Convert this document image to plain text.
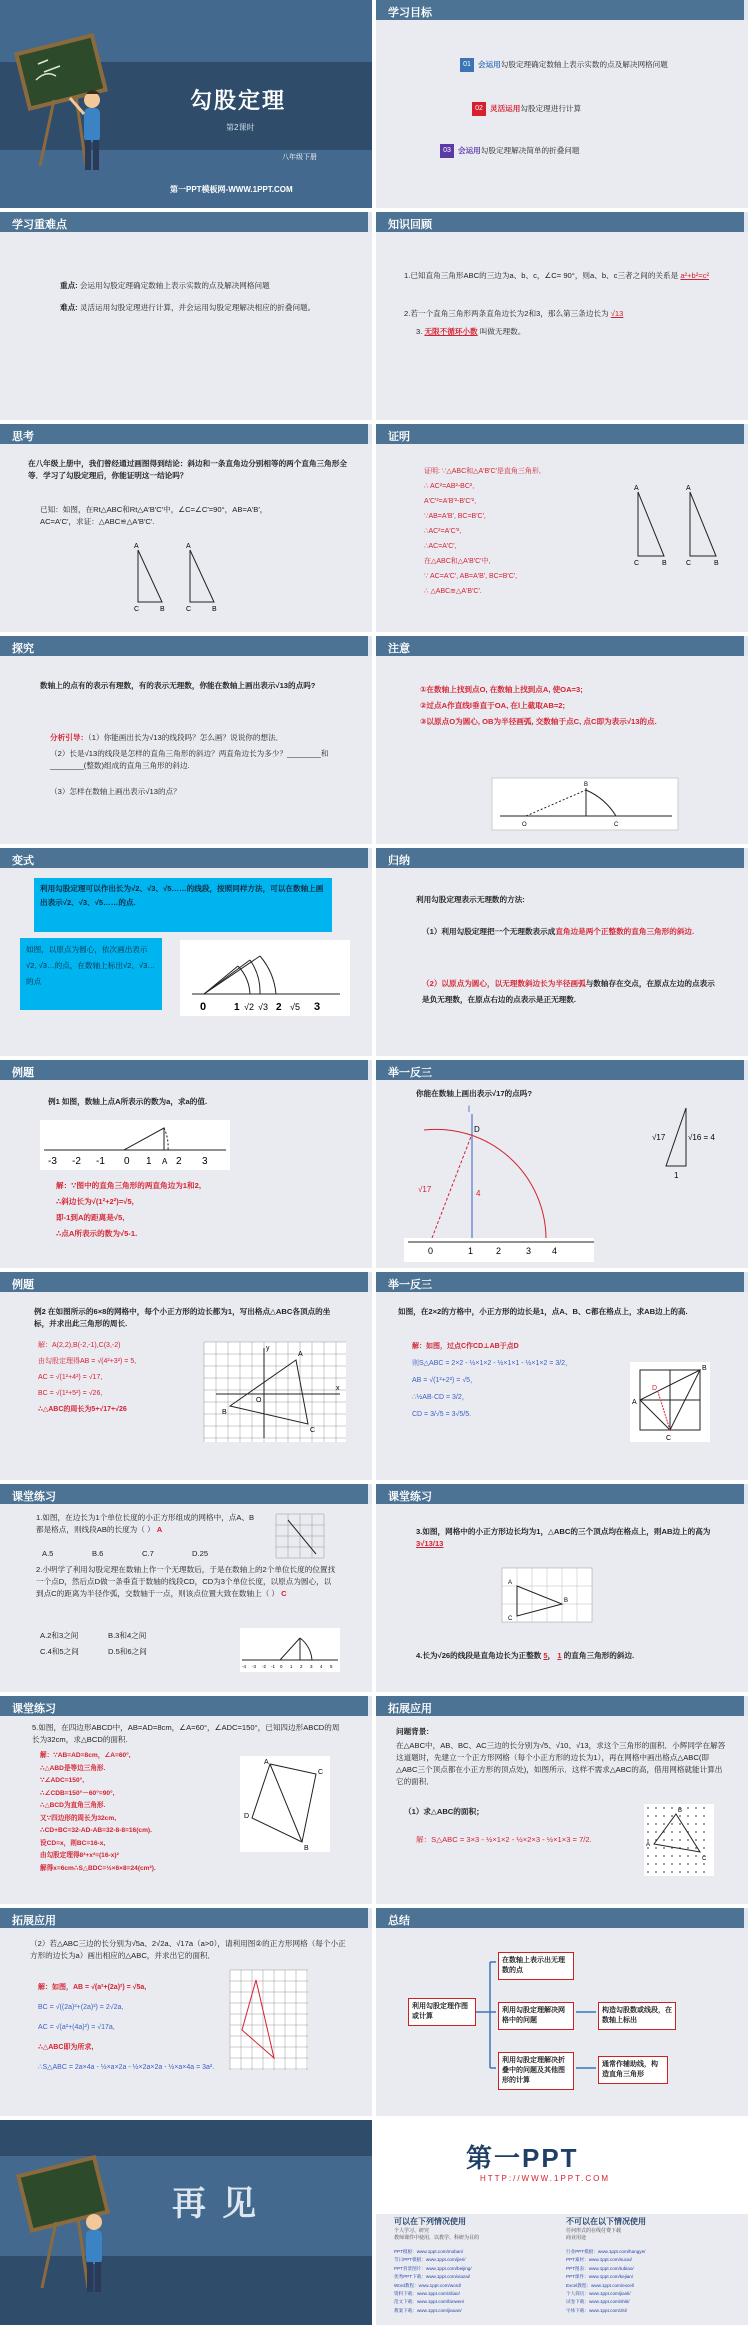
勾股定理
第2课时
八年级下册
第一PPT模板网-WWW.1PPT.COM
学习目标
01 会运用勾股定理确定数轴上表示实数的点及解决网格问题
02 灵活运用勾股定理进行计算
03 会运用勾股定理解决简单的折叠问题
学习重难点
重点: 会运用勾股定理确定数轴上表示实数的点及解决网格问题
难点: 灵活运用勾股定理进行计算，并会运用勾股定理解决相应的折叠问题。
知识回顾
1.已知直角三角形ABC的三边为a、b、c，∠C= 90°，则a、b、c三者之间的关系是 a²+b²=c²
2.若一个直角三角形两条直角边长为2和3，那么第三条边长为 √13
3. 无限不循环小数 叫做无理数。
思考
在八年级上册中，我们曾经通过画图得到结论：斜边和一条直角边分别相等的两个直角三角形全等．学习了勾股定理后，你能证明这一结论吗？
已知：如图，在Rt△ABC和Rt△A′B′C′中，∠C=∠C′=90°，AB=A′B′，AC=A′C′，求证：△ABC≌△A′B′C′.
A
C	B
A
C	B
证明
证明: ∵△ABC和△A′B′C′是直角三角形,
∴ AC²=AB²-BC²,
A′C′²=A′B′²-B′C′²,
∵AB=A′B′, BC=B′C′,
∴AC²=A′C′²,
∴AC=A′C′,
在△ABC和△A′B′C′中,
∵ AC=A′C′, AB=A′B′, BC=B′C′,
∴ △ABC≌△A′B′C′.
A
C	B
A
C	B
探究
数轴上的点有的表示有理数，有的表示无理数，你能在数轴上画出表示√13的点吗?
分析引导：（1）你能画出长为√13的线段吗？怎么画？说说你的想法．
（2）长是√13的线段是怎样的直角三角形的斜边？两直角边长为多少？________和________(整数)组成的直角三角形的斜边.
（3）怎样在数轴上画出表示√13的点？
注意
①在数轴上找到点O, 在数轴上找到点A, 使OA=3;
②过点A作直线l垂直于OA, 在l上截取AB=2;
③以原点O为圆心, OB为半径画弧, 交数轴于点C, 点C即为表示√13的点.
B
O	C
变式
利用勾股定理可以作出长为√2、√3、√5……的线段，按照同样方法，可以在数轴上画出表示√2、√3、√5……的点.
如图，以原点为圆心，依次画出表示√2, √3…的点，在数轴上标出√2、√3…的点
0	1 √2 √3 2 √5 3
归纳
利用勾股定理表示无理数的方法:
（1）利用勾股定理把一个无理数表示成直角边是两个正整数的直角三角形的斜边.
（2）以原点为圆心，以无理数斜边长为半径画弧与数轴存在交点，在原点左边的点表示是负无理数，在原点右边的点表示是正无理数.
例题
例1 如图，数轴上点A所表示的数为a，求a的值.
-3 -2 -1 0 1 A 2 3
解：∵图中的直角三角形的两直角边为1和2,
∴斜边长为√(1²+2²)=√5,
即-1到A的距离是√5,
∴点A所表示的数为√5-1.
举一反三
你能在数轴上画出表示√17的点吗?
l
D
4
√17
0	1	2	3 4
√17	√16 = 4
1
例题
例2 在如图所示的6×8的网格中，每个小正方形的边长都为1，写出格点△ABC各顶点的坐标，并求出此三角形的周长.
解：A(2,2),B(-2,-1),C(3,-2)
由勾股定理得AB = √(4²+3²) = 5,
AC = √(1²+4²) = √17,
BC = √(1²+5²) = √26,
∴△ABC的周长为5+√17+√26
A
B
C
O
x
y
举一反三
如图，在2×2的方格中，小正方形的边长是1，点A、B、C都在格点上，求AB边上的高.
解：如图，过点C作CD⊥AB于点D
则S△ABC = 2×2 - ½×1×2 - ½×1×1 - ½×1×2 = 3/2，
AB = √(1²+2²) = √5，
∴½AB·CD = 3/2，
CD = 3/√5 = 3√5/5.
A
B
C
D
课堂练习
1.如图，在边长为1个单位长度的小正方形组成的网格中，点A、B都是格点，则线段AB的长度为（ ） A
A.5	B.6	C.7	D.25
2.小明学了利用勾股定理在数轴上作一个无理数后，于是在数轴上的2个单位长度的位置找一个点D，然后点D做一条垂直于数轴的线段CD，CD为3个单位长度，以原点为圆心，以到点C的距离为半径作弧，交数轴于一点，则该点位置大致在数轴上（ ） C
A.2和3之间	B.3和4之间
C.4和5之间	D.5和6之间
-4 -3 -2 -1 0 1 2 3 4 5
课堂练习
3.如图，网格中的小正方形边长均为1，△ABC的三个顶点均在格点上，则AB边上的高为 3√13/13
A
B
C
4.长为√26的线段是直角边长为正整数 5， 1 的直角三角形的斜边.
课堂练习
5.如图，在四边形ABCD中，AB=AD=8cm，∠A=60°，∠ADC=150°，已知四边形ABCD的周长为32cm，求△BCD的面积.
解：∵AB=AD=8cm，∠A=60°,
∴△ABD是等边三角形.
∵∠ADC=150°,
∴∠CDB=150°－60°=90°,
∴△BCD为直角三角形.
又∵四边形的周长为32cm,
∴CD+BC=32-AD-AB=32-8-8=16(cm).
设CD=x，则BC=16-x,
由勾股定理得8²+x²=(16-x)²
解得x=6cm∴S△BDC=½×6×8=24(cm²).
A
B
C
D
拓展应用
问题背景:
在△ABC中，AB、BC、AC三边的长分别为√5、√10、√13，求这个三角形的面积．小辉同学在解答这道题时，先建立一个正方形网格（每个小正方形的边长为1），再在网格中画出格点△ABC(即△ABC三个顶点都在小正方形的顶点处)，如图所示．这样不需求△ABC的高，借用网格就能计算出它的面积．
（1）求△ABC的面积；
解：S△ABC = 3×3 - ½×1×2 - ½×2×3 - ½×1×3 = 7/2.
A
B
C
拓展应用
（2）若△ABC三边的长分别为√5a、2√2a、√17a（a>0），请利用图②的正方形网格（每个小正方形的边长为a）画出相应的△ABC，并求出它的面积．
解：如图，AB = √(a²+(2a)²) = √5a,
BC = √((2a)²+(2a)²) = 2√2a,
AC = √(a²+(4a)²) = √17a,
∴△ABC即为所求,
∴S△ABC = 2a×4a - ½×a×2a - ½×2a×2a - ½×a×4a = 3a².
总结
利用勾股定理作图或计算
在数轴上表示出无理数的点
利用勾股定理解决网格中的问题
利用勾股定理解决折叠中的问题及其他图形的计算
构造勾股数或线段，在数轴上标出
通常作辅助线，构造直角三角形
再见
第一PPT
HTTP://WWW.1PPT.COM
可以在下列情况使用
个人学习、研究
教师课件中使用，以教学、科研为目的
不可以在以下情况使用
任何形式的在线付费下载
商业用途
PPT模板：www.1ppt.com/moban/
节日PPT模板：www.1ppt.com/jieri/
PPT背景图片：www.1ppt.com/beijing/
优秀PPT下载：www.1ppt.com/xiazai/
Word教程：www.1ppt.com/word/
资料下载：www.1ppt.com/ziliao/
范文下载：www.1ppt.com/fanwen/
教案下载：www.1ppt.com/jiaoan/
行业PPT模板：www.1ppt.com/hangye/
PPT素材：www.1ppt.com/sucai/
PPT图表：www.1ppt.com/tubiao/
PPT课件：www.1ppt.com/kejian/
Excel教程：www.1ppt.com/excel/
个人简历：www.1ppt.com/jianli/
试卷下载：www.1ppt.com/shiti/
字体下载：www.1ppt.com/ziti/
